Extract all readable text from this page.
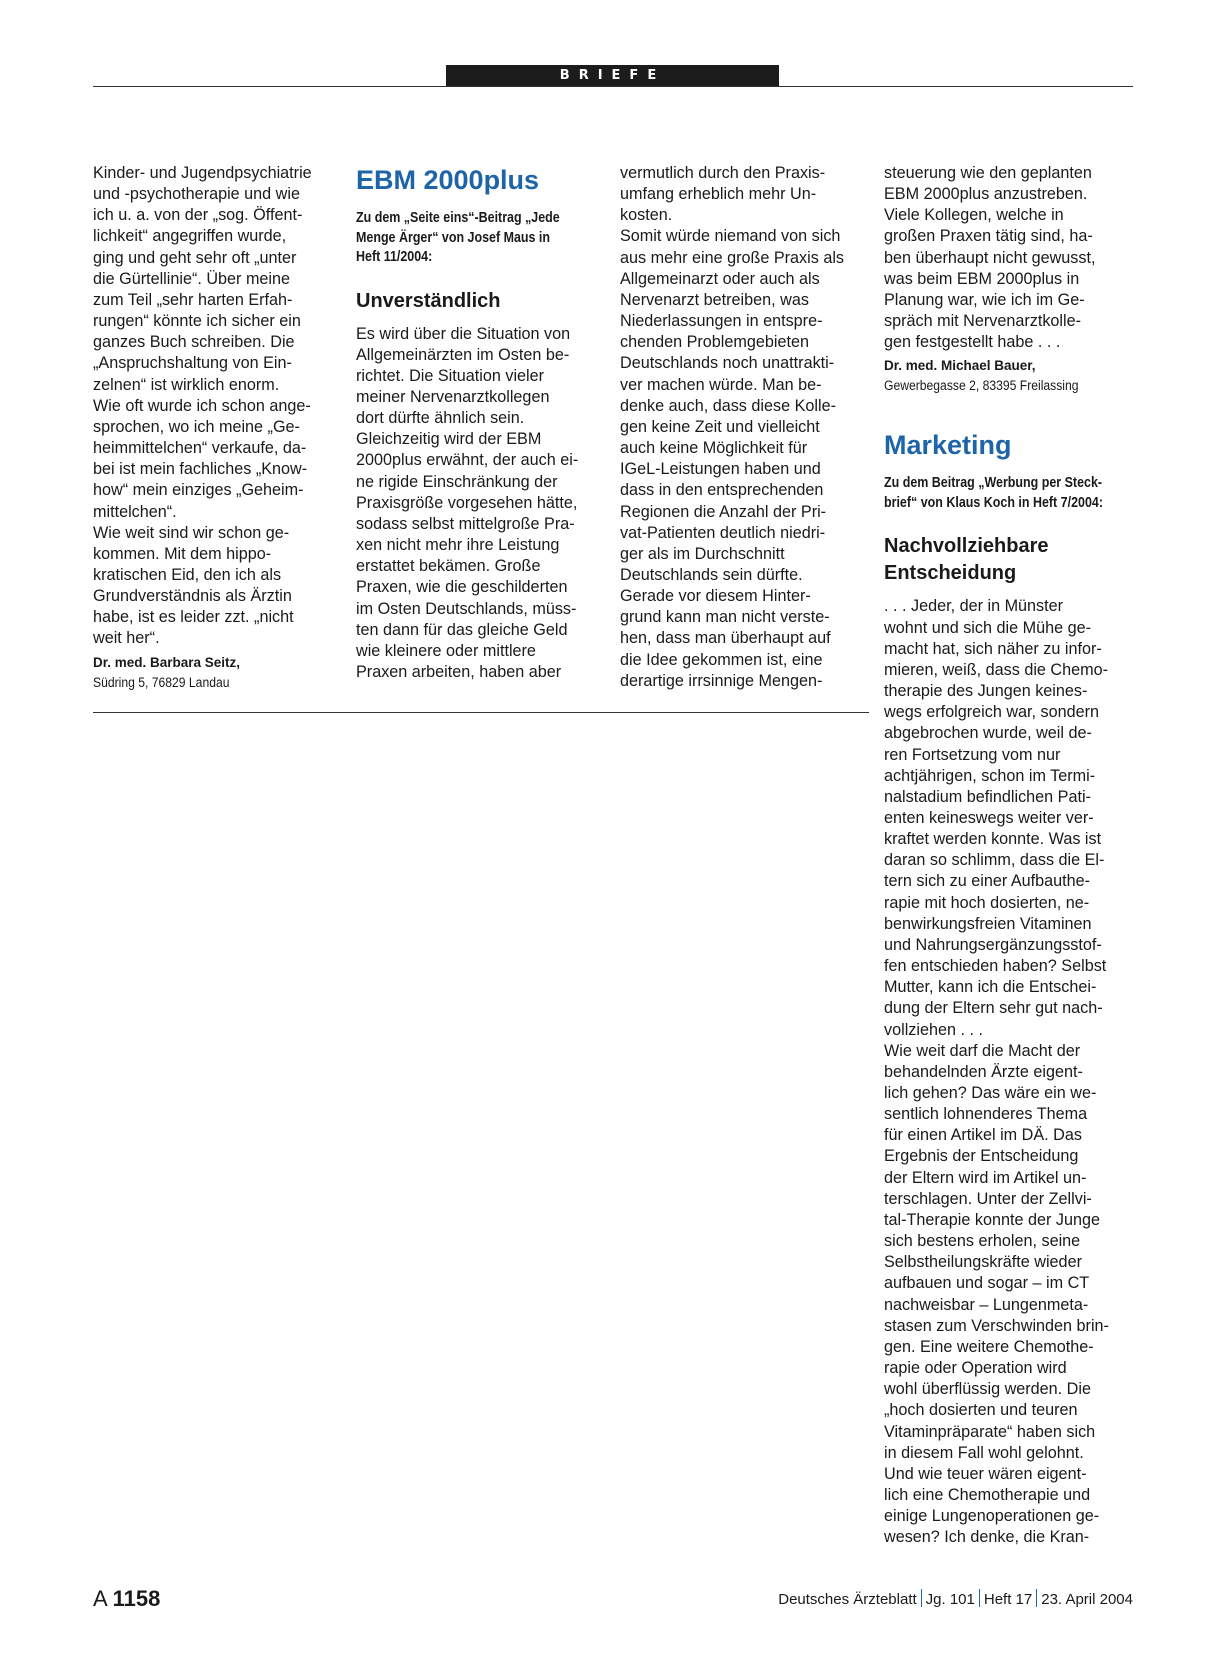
BRIEFE
Kinder- und Jugendpsychiatrie
und -psychotherapie und wie
ich u. a. von der „sog. Öffent-
lichkeit“ angegriffen wurde,
ging und geht sehr oft „unter
die Gürtellinie“. Über meine
zum Teil „sehr harten Erfah-
rungen“ könnte ich sicher ein
ganzes Buch schreiben. Die
„Anspruchshaltung von Ein-
zelnen“ ist wirklich enorm.
Wie oft wurde ich schon ange-
sprochen, wo ich meine „Ge-
heimmittelchen“ verkaufe, da-
bei ist mein fachliches „Know-
how“ mein einziges „Geheim-
mittelchen“.
Wie weit sind wir schon ge-
kommen. Mit dem hippo-
kratischen Eid, den ich als
Grundverständnis als Ärztin
habe, ist es leider zzt. „nicht
weit her“.
Dr. med. Barbara Seitz,
Südring 5, 76829 Landau
EBM 2000plus
Zu dem „Seite eins“-Beitrag „Jede
Menge Ärger“ von Josef Maus in
Heft 11/2004:
Unverständlich
Es wird über die Situation von
Allgemeinärzten im Osten be-
richtet. Die Situation vieler
meiner Nervenarztkollegen
dort dürfte ähnlich sein.
Gleichzeitig wird der EBM
2000plus erwähnt, der auch ei-
ne rigide Einschränkung der
Praxisgröße vorgesehen hätte,
sodass selbst mittelgroße Pra-
xen nicht mehr ihre Leistung
erstattet bekämen. Große
Praxen, wie die geschilderten
im Osten Deutschlands, müss-
ten dann für das gleiche Geld
wie kleinere oder mittlere
Praxen arbeiten, haben aber
vermutlich durch den Praxis-
umfang erheblich mehr Un-
kosten.
Somit würde niemand von sich
aus mehr eine große Praxis als
Allgemeinarzt oder auch als
Nervenarzt betreiben, was
Niederlassungen in entspre-
chenden Problemgebieten
Deutschlands noch unattrakti-
ver machen würde. Man be-
denke auch, dass diese Kolle-
gen keine Zeit und vielleicht
auch keine Möglichkeit für
IGeL-Leistungen haben und
dass in den entsprechenden
Regionen die Anzahl der Pri-
vat-Patienten deutlich niedri-
ger als im Durchschnitt
Deutschlands sein dürfte.
Gerade vor diesem Hinter-
grund kann man nicht verste-
hen, dass man überhaupt auf
die Idee gekommen ist, eine
derartige irrsinnige Mengen-
steuerung wie den geplanten
EBM 2000plus anzustreben.
Viele Kollegen, welche in
großen Praxen tätig sind, ha-
ben überhaupt nicht gewusst,
was beim EBM 2000plus in
Planung war, wie ich im Ge-
spräch mit Nervenarztkolle-
gen festgestellt habe . . .
Dr. med. Michael Bauer,
Gewerbegasse 2, 83395 Freilassing
Marketing
Zu dem Beitrag „Werbung per Steck-
brief“ von Klaus Koch in Heft 7/2004:
Nachvollziehbare
Entscheidung
. . . Jeder, der in Münster
wohnt und sich die Mühe ge-
macht hat, sich näher zu infor-
mieren, weiß, dass die Chemo-
therapie des Jungen keines-
wegs erfolgreich war, sondern
abgebrochen wurde, weil de-
ren Fortsetzung vom nur
achtjährigen, schon im Termi-
nalstadium befindlichen Pati-
enten keineswegs weiter ver-
kraftet werden konnte. Was ist
daran so schlimm, dass die El-
tern sich zu einer Aufbauthe-
rapie mit hoch dosierten, ne-
benwirkungsfreien Vitaminen
und Nahrungsergänzungsstof-
fen entschieden haben? Selbst
Mutter, kann ich die Entschei-
dung der Eltern sehr gut nach-
vollziehen . . .
Wie weit darf die Macht der
behandelnden Ärzte eigent-
lich gehen? Das wäre ein we-
sentlich lohnenderes Thema
für einen Artikel im DÄ. Das
Ergebnis der Entscheidung
der Eltern wird im Artikel un-
terschlagen. Unter der Zellvi-
tal-Therapie konnte der Junge
sich bestens erholen, seine
Selbstheilungskräfte wieder
aufbauen und sogar – im CT
nachweisbar – Lungenmeta-
stasen zum Verschwinden brin-
gen. Eine weitere Chemothe-
rapie oder Operation wird
wohl überflüssig werden. Die
„hoch dosierten und teuren
Vitaminpräparate“ haben sich
in diesem Fall wohl gelohnt.
Und wie teuer wären eigent-
lich eine Chemotherapie und
einige Lungenoperationen ge-
wesen? Ich denke, die Kran-
A 1158	Deutsches Ärzteblatt Jg. 101 Heft 17 23. April 2004
